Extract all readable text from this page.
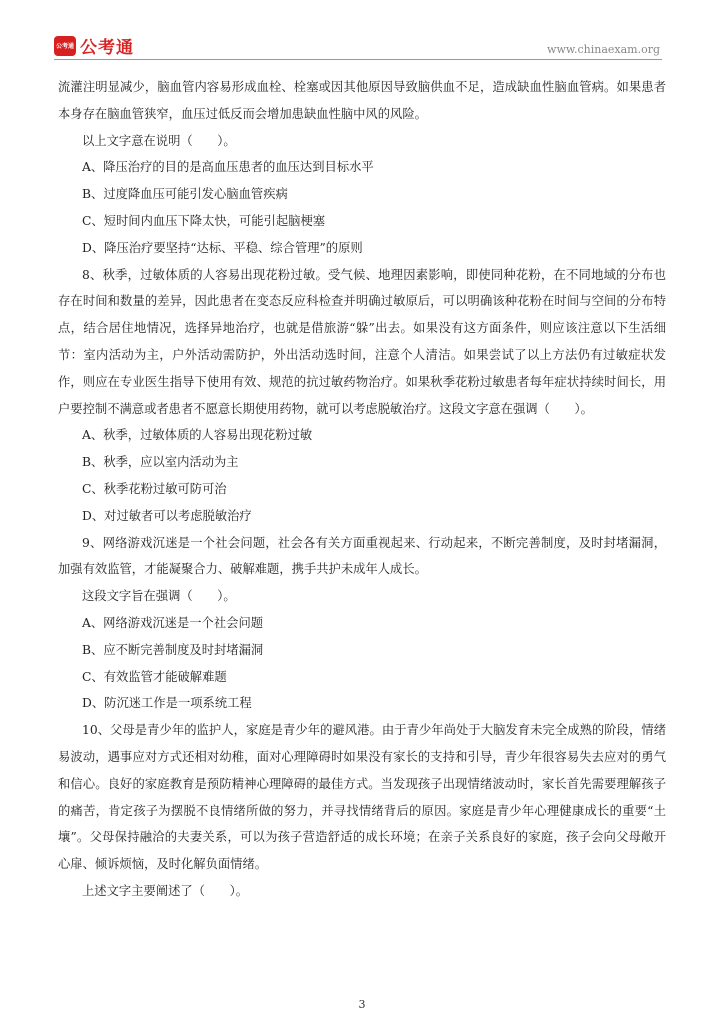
公考通 公考通	www.chinaexam.org

流灌注明显减少，脑血管内容易形成血栓、栓塞或因其他原因导致脑供血不足，造成缺血性脑血管病。如果患者本身存在脑血管狭窄，血压过低反而会增加患缺血性脑中风的风险。

以上文字意在说明（　　）。

A、降压治疗的目的是高血压患者的血压达到目标水平

B、过度降血压可能引发心脑血管疾病

C、短时间内血压下降太快，可能引起脑梗塞

D、降压治疗要坚持“达标、平稳、综合管理”的原则

8、秋季，过敏体质的人容易出现花粉过敏。受气候、地理因素影响，即使同种花粉，在不同地域的分布也存在时间和数量的差异，因此患者在变态反应科检查并明确过敏原后，可以明确该种花粉在时间与空间的分布特点，结合居住地情况，选择异地治疗，也就是借旅游“躲”出去。如果没有这方面条件，则应该注意以下生活细节：室内活动为主，户外活动需防护，外出活动选时间，注意个人清洁。如果尝试了以上方法仍有过敏症状发作，则应在专业医生指导下使用有效、规范的抗过敏药物治疗。如果秋季花粉过敏患者每年症状持续时间长，用户要控制不满意或者患者不愿意长期使用药物，就可以考虑脱敏治疗。这段文字意在强调（　　）。

A、秋季，过敏体质的人容易出现花粉过敏

B、秋季，应以室内活动为主

C、秋季花粉过敏可防可治

D、对过敏者可以考虑脱敏治疗

9、网络游戏沉迷是一个社会问题，社会各有关方面重视起来、行动起来，不断完善制度，及时封堵漏洞，加强有效监管，才能凝聚合力、破解难题，携手共护未成年人成长。

这段文字旨在强调（　　）。

A、网络游戏沉迷是一个社会问题

B、应不断完善制度及时封堵漏洞

C、有效监管才能破解难题

D、防沉迷工作是一项系统工程

10、父母是青少年的监护人，家庭是青少年的避风港。由于青少年尚处于大脑发育未完全成熟的阶段，情绪易波动，遇事应对方式还相对幼稚，面对心理障碍时如果没有家长的支持和引导，青少年很容易失去应对的勇气和信心。良好的家庭教育是预防精神心理障碍的最佳方式。当发现孩子出现情绪波动时，家长首先需要理解孩子的痛苦，肯定孩子为摆脱不良情绪所做的努力，并寻找情绪背后的原因。家庭是青少年心理健康成长的重要“土壤”。父母保持融洽的夫妻关系，可以为孩子营造舒适的成长环境；在亲子关系良好的家庭，孩子会向父母敞开心扉、倾诉烦恼，及时化解负面情绪。

上述文字主要阐述了（　　）。

3
